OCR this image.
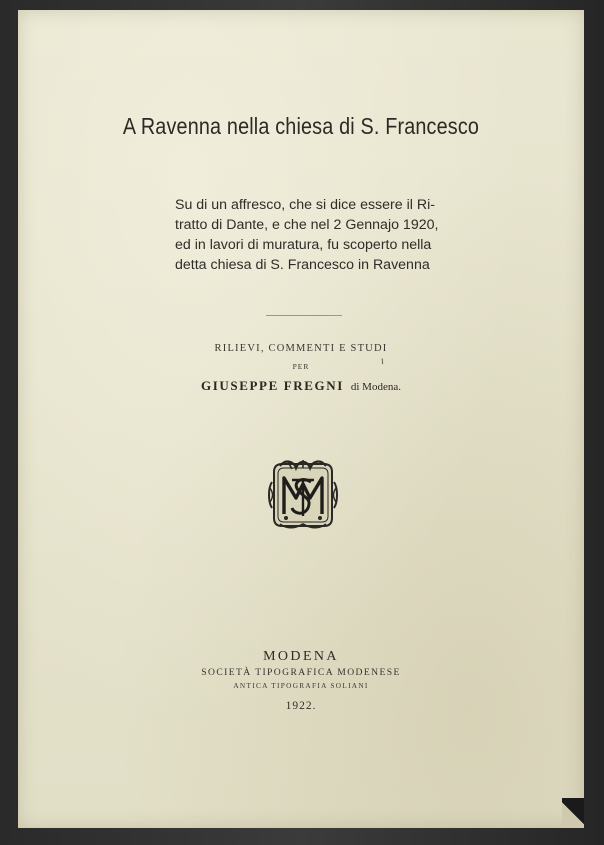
A Ravenna nella chiesa di S. Francesco
Su di un affresco, che si dice essere il Ri-
tratto di Dante, e che nel 2 Gennajo 1920,
ed in lavori di muratura, fu scoperto nella
detta chiesa di S. Francesco in Ravenna
RILIEVI, COMMENTI E STUDI
PER
GIUSEPPE FREGNI di Modena.
ⲓ
MODENA
SOCIETÀ TIPOGRAFICA MODENESE
ANTICA TIPOGRAFIA SOLIANI
1922.
